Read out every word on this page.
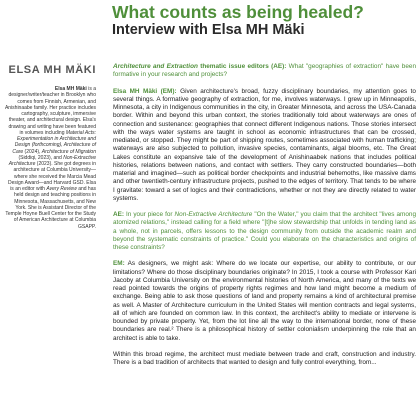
What counts as being healed?
Interview with Elsa MH Mäki
ELSA MH MÄKI
Elsa MH Mäki is a designer/writer/teacher in Brooklyn who comes from Finnish, Armenian, and Anishinaabe family. Her practice includes cartography, sculpture, immersive theater, and architectural design. Elsa's drawing and writing have been featured in volumes including Material Acts: Experimentation in Architecture and Design (forthcoming), Architecture of Care (2024), Architecture of Migration (Siddiqi, 2023), and Non-Extractive Architecture (2023). She got degrees in architecture at Columbia University—where she received the Marcia Mead Design Award—and Harvard GSD. Elsa is an editor with Avery Review and has held design and teaching positions in Minnesota, Massachusetts, and New York. She is Assistant Director of the Temple Hoyne Buell Center for the Study of American Architecture at Columbia GSAPP.

Architecture and Extraction thematic issue editors (AE): What "geographies of extraction" have been formative in your research and projects?

Elsa MH Mäki (EM): Given architecture's broad, fuzzy disciplinary boundaries, my attention goes to several things. A formative geography of extraction, for me, involves waterways. I grew up in Minneapolis, Minnesota, a city in Indigenous communities in the city, in Greater Minnesota, and across the USA-Canada border. Within and beyond this urban context, the stories traditionally told about waterways are ones of connection and sustenance: geographies that connect different Indigenous nations. Those stories intersect with the ways water systems are taught in school as economic infrastructures that can be crossed, mediated, or stopped. They might be part of shipping routes, sometimes associated with human trafficking; waterways are also subjected to pollution, invasive species, contaminants, algal blooms, etc. The Great Lakes constitute an expansive tale of the development of Anishinaabek nations that includes political histories, relations between nations, and contact with settlers. They carry constructed boundaries—both material and imagined—such as political border checkpoints and industrial behemoths, like massive dams and other twentieth-century infrastructure projects, pushed to the edges of territory. That tends to be where I gravitate: toward a set of logics and their contradictions, whether or not they are directly related to water systems.

AE: In your piece for Non-Extractive Architecture "On the Water," you claim that the architect "lives among atomized relations," instead calling for a field where "[t]he slow stewardship that unfolds in tending land as a whole, not in parcels, offers lessons to the design community from outside the academic realm and beyond the systematic constraints of practice." Could you elaborate on the characteristics and origins of these constraints?

EM: As designers, we might ask: Where do we locate our expertise, our ability to contribute, or our limitations? Where do those disciplinary boundaries originate? In 2015, I took a course with Professor Kari Jacoby at Columbia University on the environmental histories of North America, and many of the texts we read pointed towards the origins of property rights regimes and how land might become a medium of exchange. Being able to ask those questions of land and property remains a kind of architectural premise as well. A Master of Architecture curriculum in the United States will mention contracts and legal systems, all of which are founded on common law. In this context, the architect's ability to mediate or intervene is bounded by private property. Yet, from the lot line all the way to the international border, none of these boundaries are real.² There is a philosophical history of settler colonialism underpinning the role that an architect is able to take.

Within this broad regime, the architect must mediate between trade and craft, construction and industry. There is a bad tradition of architects that wanted to design and fully control everything, from...
